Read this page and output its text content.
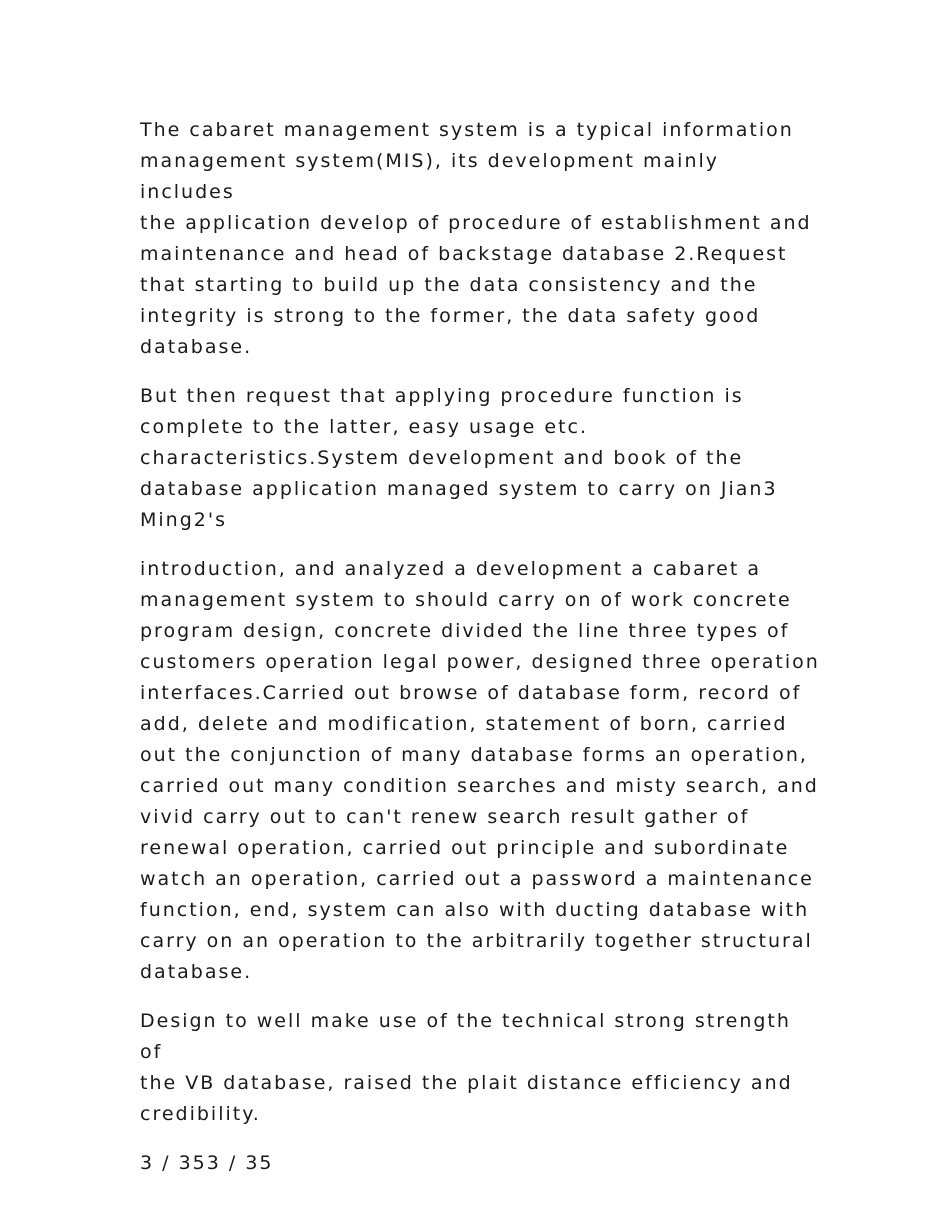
The cabaret management system is a typical information
management system(MIS), its development mainly includes
the application develop of procedure of establishment and
maintenance and head of backstage database 2.Request
that starting to build up the data consistency and the
integrity is strong to the former, the data safety good
database.

But then request that applying procedure function is
complete to the latter, easy usage etc.
characteristics.System development and book of the
database application managed system to carry on Jian3
Ming2's

introduction, and analyzed a development a cabaret a
management system to should carry on of work concrete
program design, concrete divided the line three types of
customers operation legal power, designed three operation
interfaces.Carried out browse of database form, record of
add, delete and modification, statement of born, carried
out the conjunction of many database forms an operation,
carried out many condition searches and misty search, and
vivid carry out to can't renew search result gather of
renewal operation, carried out principle and subordinate
watch an operation, carried out a password a maintenance
function, end, system can also with ducting database with
carry on an operation to the arbitrarily together structural
database.

Design to well make use of the technical strong strength of
the VB database, raised the plait distance efficiency and
credibility.

3 / 353 / 35
